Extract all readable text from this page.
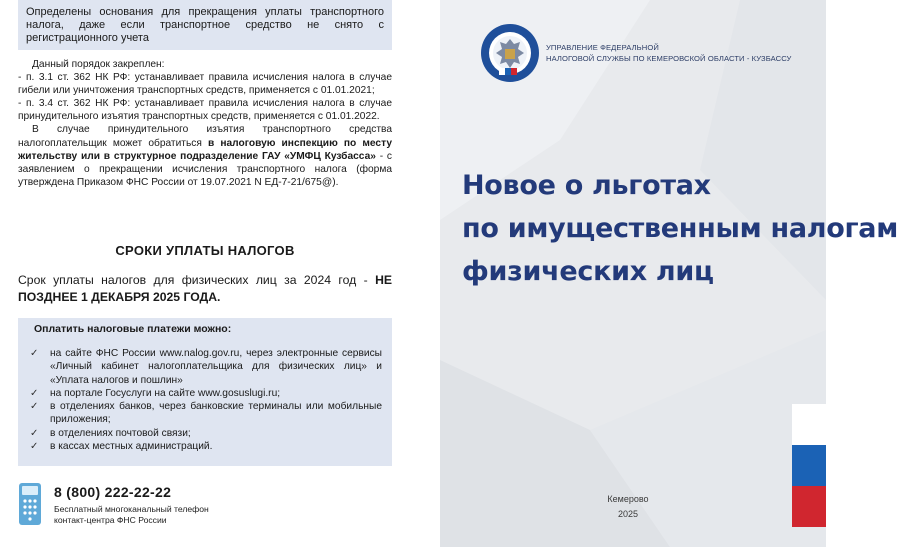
Определены основания для прекращения уплаты транспортного налога, даже если транспортное средство не снято с регистрационного учета

Данный порядок закреплен:

- п. 3.1 ст. 362 НК РФ: устанавливает правила исчисления налога в случае гибели или уничтожения транспортных средств, применяется с 01.01.2021;

- п. 3.4 ст. 362 НК РФ: устанавливает правила исчисления налога в случае принудительного изъятия транспортных средств, применяется с 01.01.2022.

В случае принудительного изъятия транспортного средства налогоплательщик может обратиться в налоговую инспекцию по месту жительству или в структурное подразделение ГАУ «УМФЦ Кузбасса» - с заявлением о прекращении исчисления транспортного налога (форма утверждена Приказом ФНС России от 19.07.2021 N ЕД-7-21/675@).

СРОКИ УПЛАТЫ НАЛОГОВ
Срок уплаты налогов для физических лиц за 2024 год - НЕ ПОЗДНЕЕ 1 ДЕКАБРЯ 2025 ГОДА.
Оплатить налоговые платежи можно:
✓ на сайте ФНС России www.nalog.gov.ru, через электронные сервисы «Личный кабинет налогоплательщика для физических лиц» и «Уплата налогов и пошлин»
✓ на портале Госуслуги на сайте www.gosuslugi.ru;
✓ в отделениях банков, через банковские терминалы или мобильные приложения;
✓ в отделениях почтовой связи;
✓ в кассах местных администраций.
8 (800) 222-22-22
Бесплатный многоканальный телефон
контакт-центра ФНС России
УПРАВЛЕНИЕ ФЕДЕРАЛЬНОЙ
НАЛОГОВОЙ СЛУЖБЫ ПО КЕМЕРОВСКОЙ ОБЛАСТИ - КУЗБАССУ
Новое о льготах
по имущественным налогам
физических лиц
Кемерово
2025
